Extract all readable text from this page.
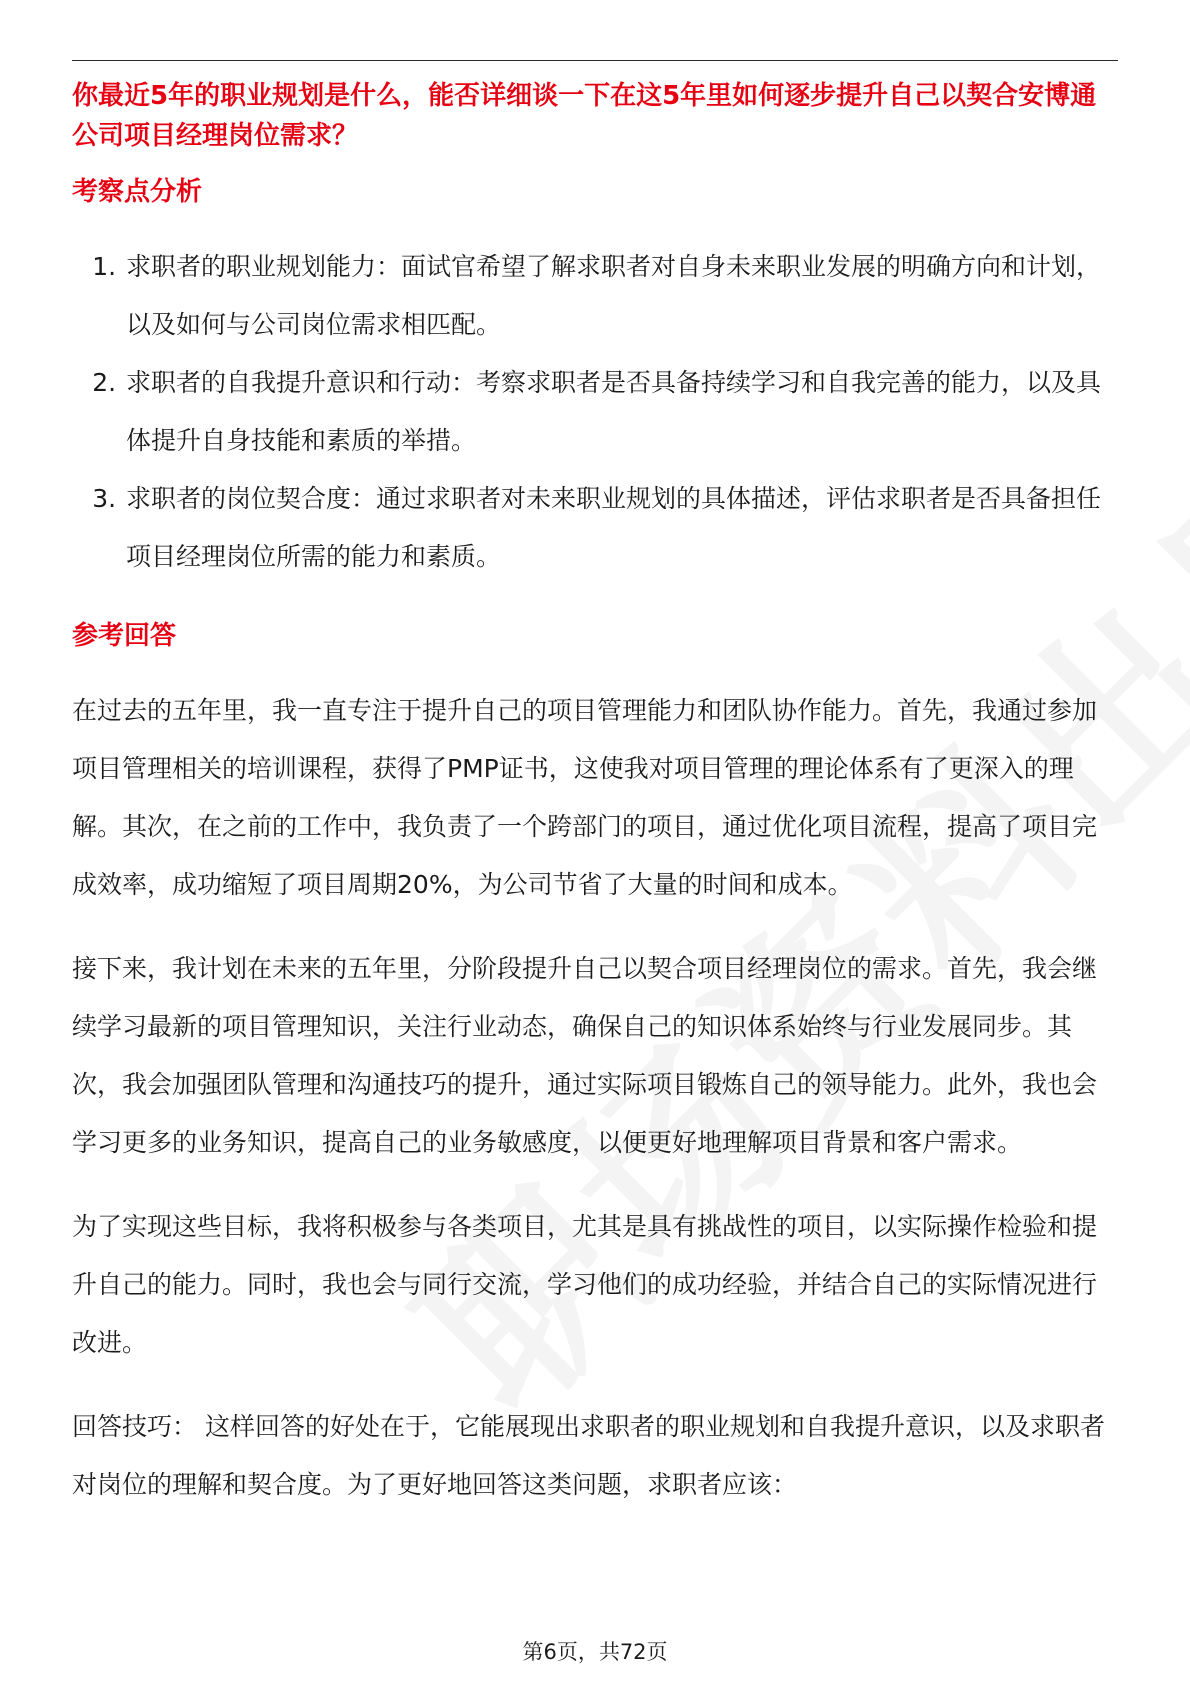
你最近5年的职业规划是什么，能否详细谈一下在这5年里如何逐步提升自己以契合安博通公司项目经理岗位需求？

考察点分析
1. 求职者的职业规划能力：面试官希望了解求职者对自身未来职业发展的明确方向和计划，以及如何与公司岗位需求相匹配。
2. 求职者的自我提升意识和行动：考察求职者是否具备持续学习和自我完善的能力，以及具体提升自身技能和素质的举措。
3. 求职者的岗位契合度：通过求职者对未来职业规划的具体描述，评估求职者是否具备担任项目经理岗位所需的能力和素质。
参考回答

在过去的五年里，我一直专注于提升自己的项目管理能力和团队协作能力。首先，我通过参加项目管理相关的培训课程，获得了PMP证书，这使我对项目管理的理论体系有了更深入的理解。其次，在之前的工作中，我负责了一个跨部门的项目，通过优化项目流程，提高了项目完成效率，成功缩短了项目周期20%，为公司节省了大量的时间和成本。

接下来，我计划在未来的五年里，分阶段提升自己以契合项目经理岗位的需求。首先，我会继续学习最新的项目管理知识，关注行业动态，确保自己的知识体系始终与行业发展同步。其次，我会加强团队管理和沟通技巧的提升，通过实际项目锻炼自己的领导能力。此外，我也会学习更多的业务知识，提高自己的业务敏感度，以便更好地理解项目背景和客户需求。

为了实现这些目标，我将积极参与各类项目，尤其是具有挑战性的项目，以实际操作检验和提升自己的能力。同时，我也会与同行交流，学习他们的成功经验，并结合自己的实际情况进行改进。

回答技巧： 这样回答的好处在于，它能展现出求职者的职业规划和自我提升意识，以及求职者对岗位的理解和契合度。为了更好地回答这类问题，求职者应该：

第6页，共72页
